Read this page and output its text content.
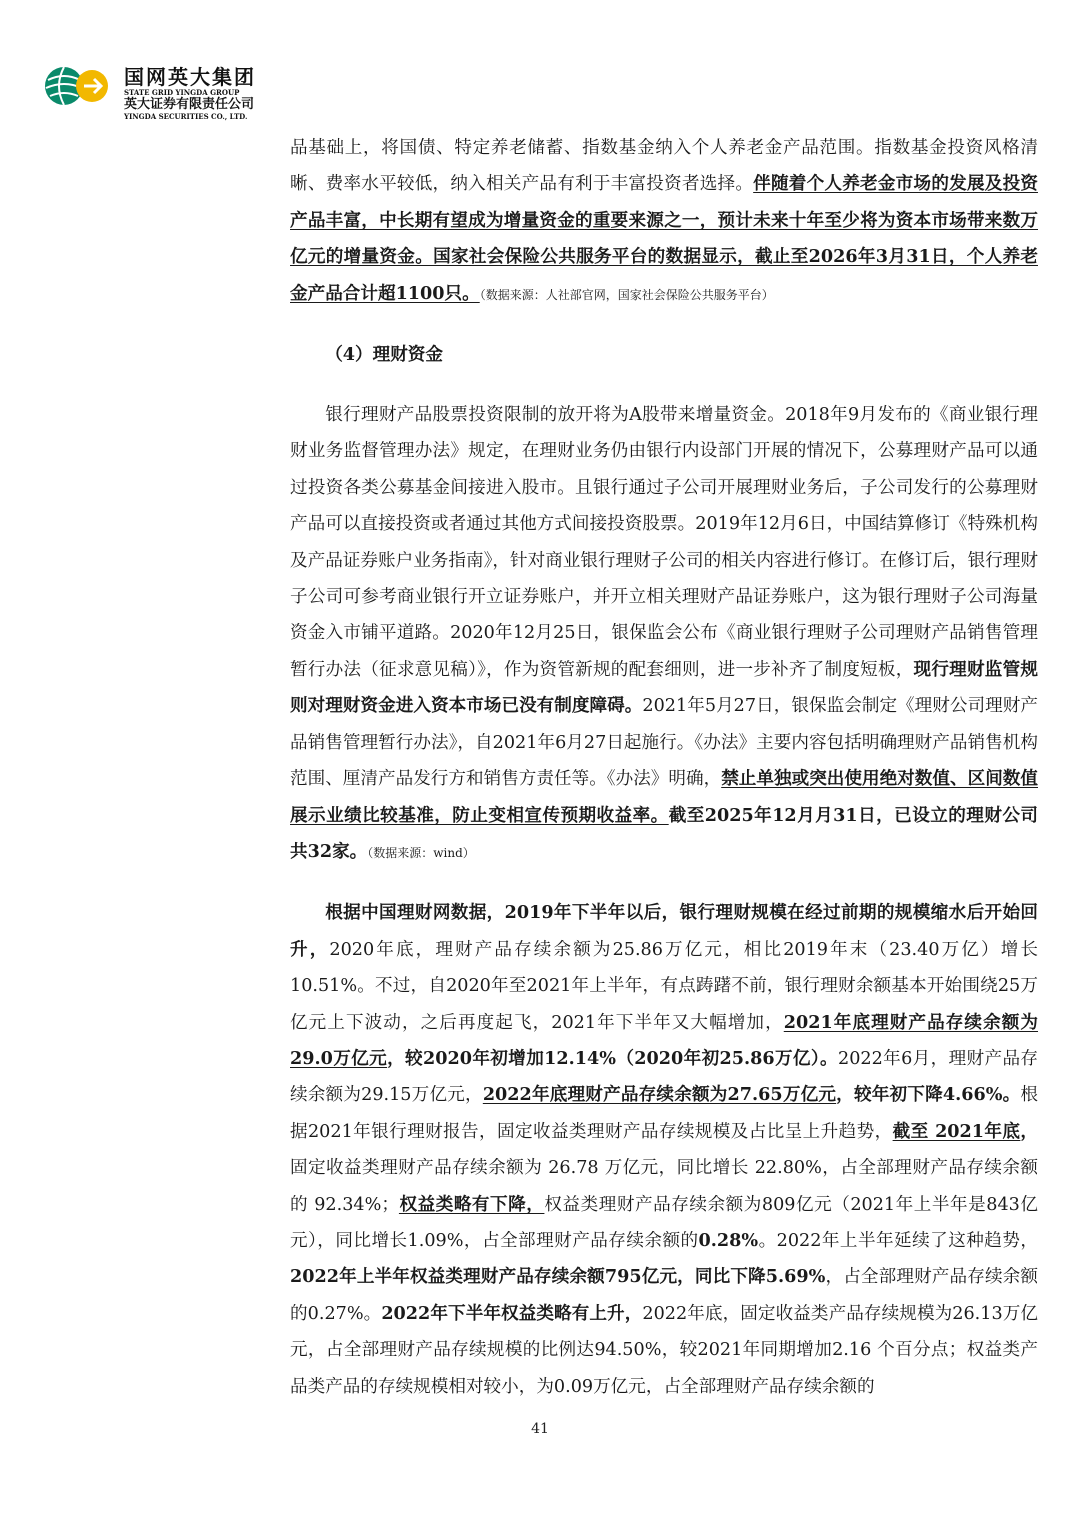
国网英大集团
STATE GRID YINGDA GROUP
英大证券有限责任公司
YINGDA SECURITIES CO., LTD.

品基础上，将国债、特定养老储蓄、指数基金纳入个人养老金产品范围。指数基金投资风格清晰、费率水平较低，纳入相关产品有利于丰富投资者选择。伴随着个人养老金市场的发展及投资产品丰富，中长期有望成为增量资金的重要来源之一，预计未来十年至少将为资本市场带来数万亿元的增量资金。国家社会保险公共服务平台的数据显示，截止至2026年3月31日，个人养老金产品合计超1100只。（数据来源：人社部官网，国家社会保险公共服务平台）

（4）理财资金

银行理财产品股票投资限制的放开将为A股带来增量资金。2018年9月发布的《商业银行理财业务监督管理办法》规定，在理财业务仍由银行内设部门开展的情况下，公募理财产品可以通过投资各类公募基金间接进入股市。且银行通过子公司开展理财业务后，子公司发行的公募理财产品可以直接投资或者通过其他方式间接投资股票。2019年12月6日，中国结算修订《特殊机构及产品证券账户业务指南》，针对商业银行理财子公司的相关内容进行修订。在修订后，银行理财子公司可参考商业银行开立证券账户，并开立相关理财产品证券账户，这为银行理财子公司海量资金入市铺平道路。2020年12月25日，银保监会公布《商业银行理财子公司理财产品销售管理暂行办法（征求意见稿）》，作为资管新规的配套细则，进一步补齐了制度短板，现行理财监管规则对理财资金进入资本市场已没有制度障碍。2021年5月27日，银保监会制定《理财公司理财产品销售管理暂行办法》，自2021年6月27日起施行。《办法》主要内容包括明确理财产品销售机构范围、厘清产品发行方和销售方责任等。《办法》明确，禁止单独或突出使用绝对数值、区间数值展示业绩比较基准，防止变相宣传预期收益率。截至2025年12月月31日，已设立的理财公司共32家。（数据来源：wind）

根据中国理财网数据，2019年下半年以后，银行理财规模在经过前期的规模缩水后开始回升，2020年底，理财产品存续余额为25.86万亿元，相比2019年末（23.40万亿）增长10.51%。不过，自2020年至2021年上半年，有点踌躇不前，银行理财余额基本开始围绕25万亿元上下波动，之后再度起飞，2021年下半年又大幅增加，2021年底理财产品存续余额为29.0万亿元，较2020年初增加12.14%（2020年初25.86万亿）。2022年6月，理财产品存续余额为29.15万亿元，2022年底理财产品存续余额为27.65万亿元，较年初下降4.66%。根据2021年银行理财报告，固定收益类理财产品存续规模及占比呈上升趋势，截至 2021年底，固定收益类理财产品存续余额为 26.78 万亿元，同比增长 22.80%，占全部理财产品存续余额的 92.34%；权益类略有下降，权益类理财产品存续余额为809亿元（2021年上半年是843亿元），同比增长1.09%，占全部理财产品存续余额的0.28%。2022年上半年延续了这种趋势，2022年上半年权益类理财产品存续余额795亿元，同比下降5.69%，占全部理财产品存续余额的0.27%。2022年下半年权益类略有上升，2022年底，固定收益类产品存续规模为26.13万亿元，占全部理财产品存续规模的比例达94.50%，较2021年同期增加2.16 个百分点；权益类产品类产品的存续规模相对较小，为0.09万亿元，占全部理财产品存续余额的

41
